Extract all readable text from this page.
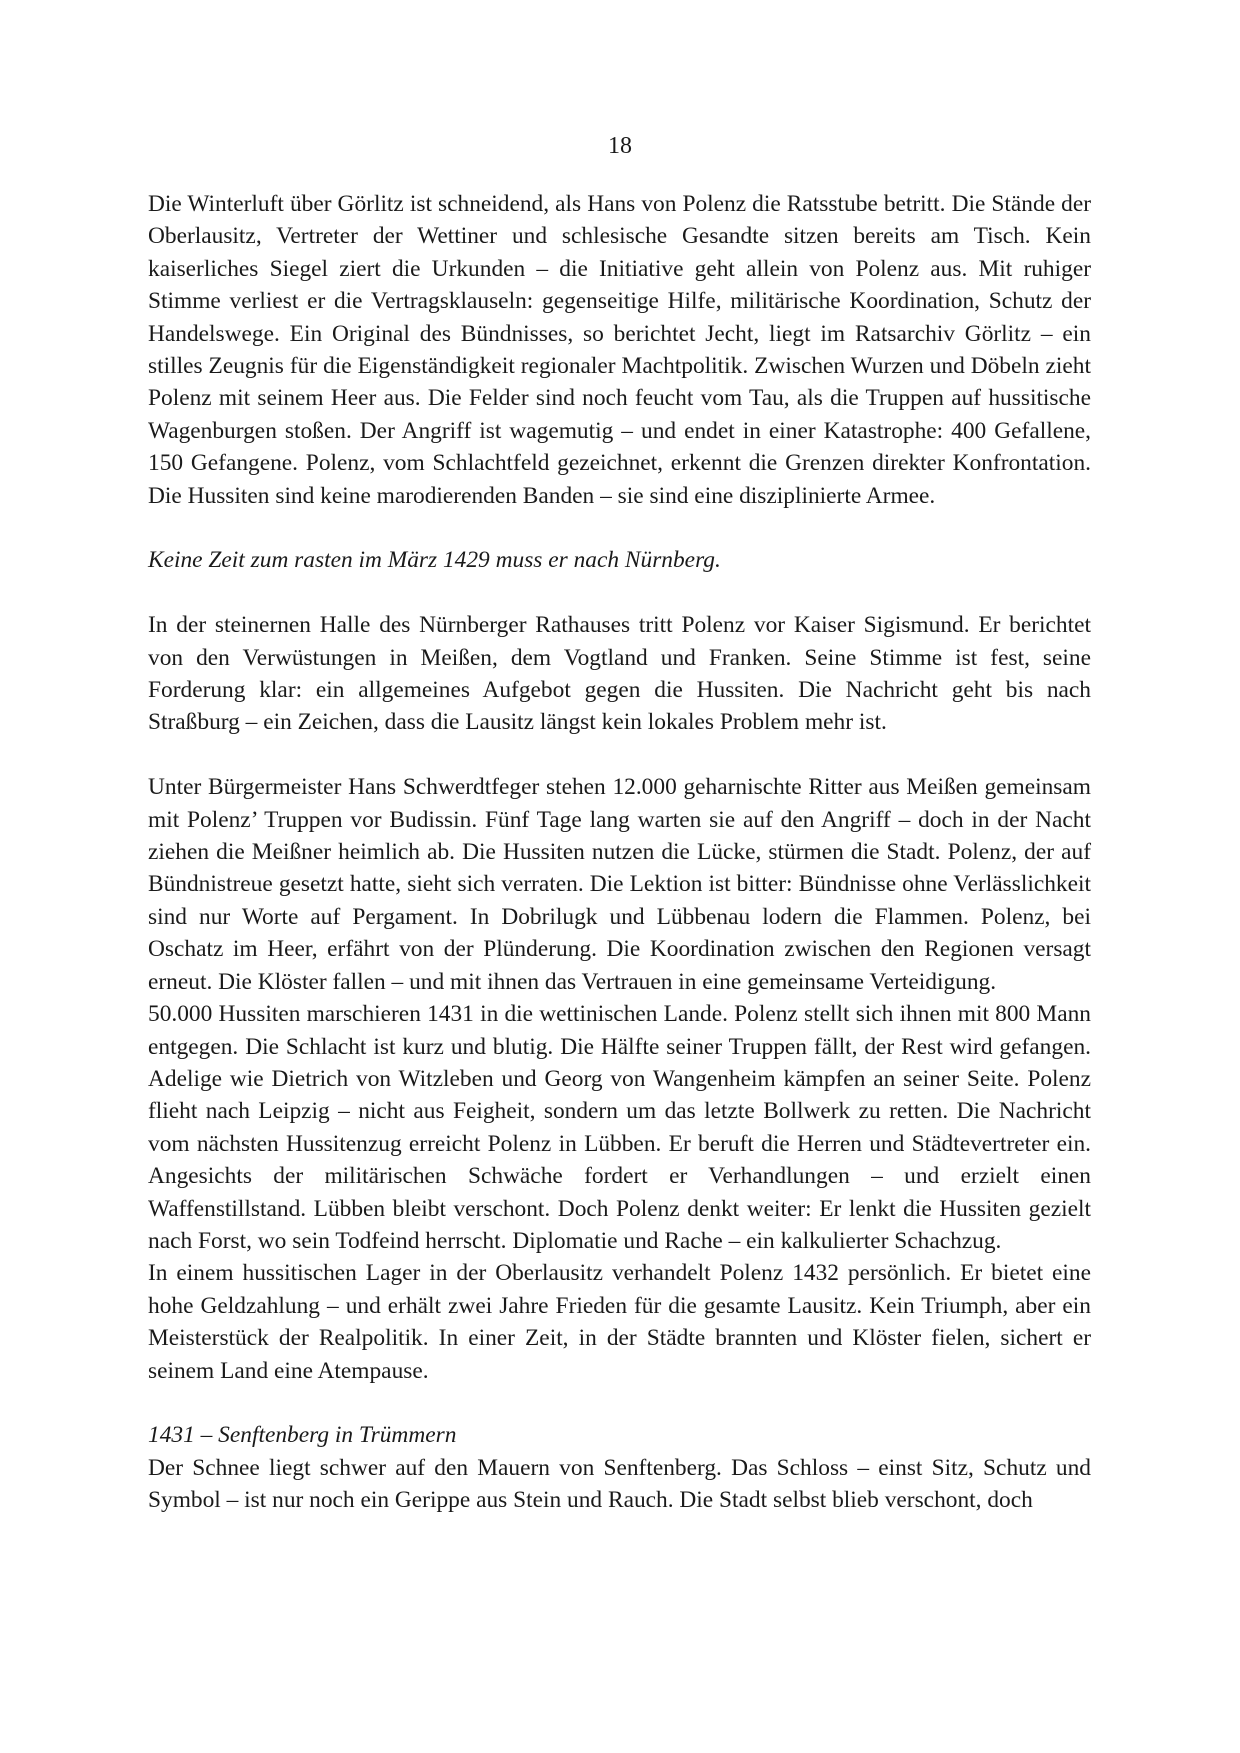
18

Die Winterluft über Görlitz ist schneidend, als Hans von Polenz die Ratsstube betritt. Die Stände der Oberlausitz, Vertreter der Wettiner und schlesische Gesandte sitzen bereits am Tisch. Kein kaiserliches Siegel ziert die Urkunden – die Initiative geht allein von Polenz aus. Mit ruhiger Stimme verliest er die Vertragsklauseln: gegenseitige Hilfe, militärische Koordination, Schutz der Handelswege. Ein Original des Bündnisses, so berichtet Jecht, liegt im Ratsarchiv Görlitz – ein stilles Zeugnis für die Eigenständigkeit regionaler Machtpolitik. Zwischen Wurzen und Döbeln zieht Polenz mit seinem Heer aus. Die Felder sind noch feucht vom Tau, als die Truppen auf hussitische Wagenburgen stoßen. Der Angriff ist wagemutig – und endet in einer Katastrophe: 400 Gefallene, 150 Gefangene. Polenz, vom Schlachtfeld gezeichnet, erkennt die Grenzen direkter Konfrontation. Die Hussiten sind keine marodierenden Banden – sie sind eine disziplinierte Armee.

Keine Zeit zum rasten im März 1429 muss er nach Nürnberg.

In der steinernen Halle des Nürnberger Rathauses tritt Polenz vor Kaiser Sigismund. Er berichtet von den Verwüstungen in Meißen, dem Vogtland und Franken. Seine Stimme ist fest, seine Forderung klar: ein allgemeines Aufgebot gegen die Hussiten. Die Nachricht geht bis nach Straßburg – ein Zeichen, dass die Lausitz längst kein lokales Problem mehr ist.

Unter Bürgermeister Hans Schwerdtfeger stehen 12.000 geharnischte Ritter aus Meißen gemeinsam mit Polenz’ Truppen vor Budissin. Fünf Tage lang warten sie auf den Angriff – doch in der Nacht ziehen die Meißner heimlich ab. Die Hussiten nutzen die Lücke, stürmen die Stadt. Polenz, der auf Bündnistreue gesetzt hatte, sieht sich verraten. Die Lektion ist bitter: Bündnisse ohne Verlässlichkeit sind nur Worte auf Pergament. In Dobrilugk und Lübbenau lodern die Flammen. Polenz, bei Oschatz im Heer, erfährt von der Plünderung. Die Koordination zwischen den Regionen versagt erneut. Die Klöster fallen – und mit ihnen das Vertrauen in eine gemeinsame Verteidigung.

50.000 Hussiten marschieren 1431 in die wettinischen Lande. Polenz stellt sich ihnen mit 800 Mann entgegen. Die Schlacht ist kurz und blutig. Die Hälfte seiner Truppen fällt, der Rest wird gefangen. Adelige wie Dietrich von Witzleben und Georg von Wangenheim kämpfen an seiner Seite. Polenz flieht nach Leipzig – nicht aus Feigheit, sondern um das letzte Bollwerk zu retten. Die Nachricht vom nächsten Hussitenzug erreicht Polenz in Lübben. Er beruft die Herren und Städtevertreter ein. Angesichts der militärischen Schwäche fordert er Verhandlungen – und erzielt einen Waffenstillstand. Lübben bleibt verschont. Doch Polenz denkt weiter: Er lenkt die Hussiten gezielt nach Forst, wo sein Todfeind herrscht. Diplomatie und Rache – ein kalkulierter Schachzug.

In einem hussitischen Lager in der Oberlausitz verhandelt Polenz 1432 persönlich. Er bietet eine hohe Geldzahlung – und erhält zwei Jahre Frieden für die gesamte Lausitz. Kein Triumph, aber ein Meisterstück der Realpolitik. In einer Zeit, in der Städte brannten und Klöster fielen, sichert er seinem Land eine Atempause.

1431 – Senftenberg in Trümmern

Der Schnee liegt schwer auf den Mauern von Senftenberg. Das Schloss – einst Sitz, Schutz und Symbol – ist nur noch ein Gerippe aus Stein und Rauch. Die Stadt selbst blieb verschont, doch
